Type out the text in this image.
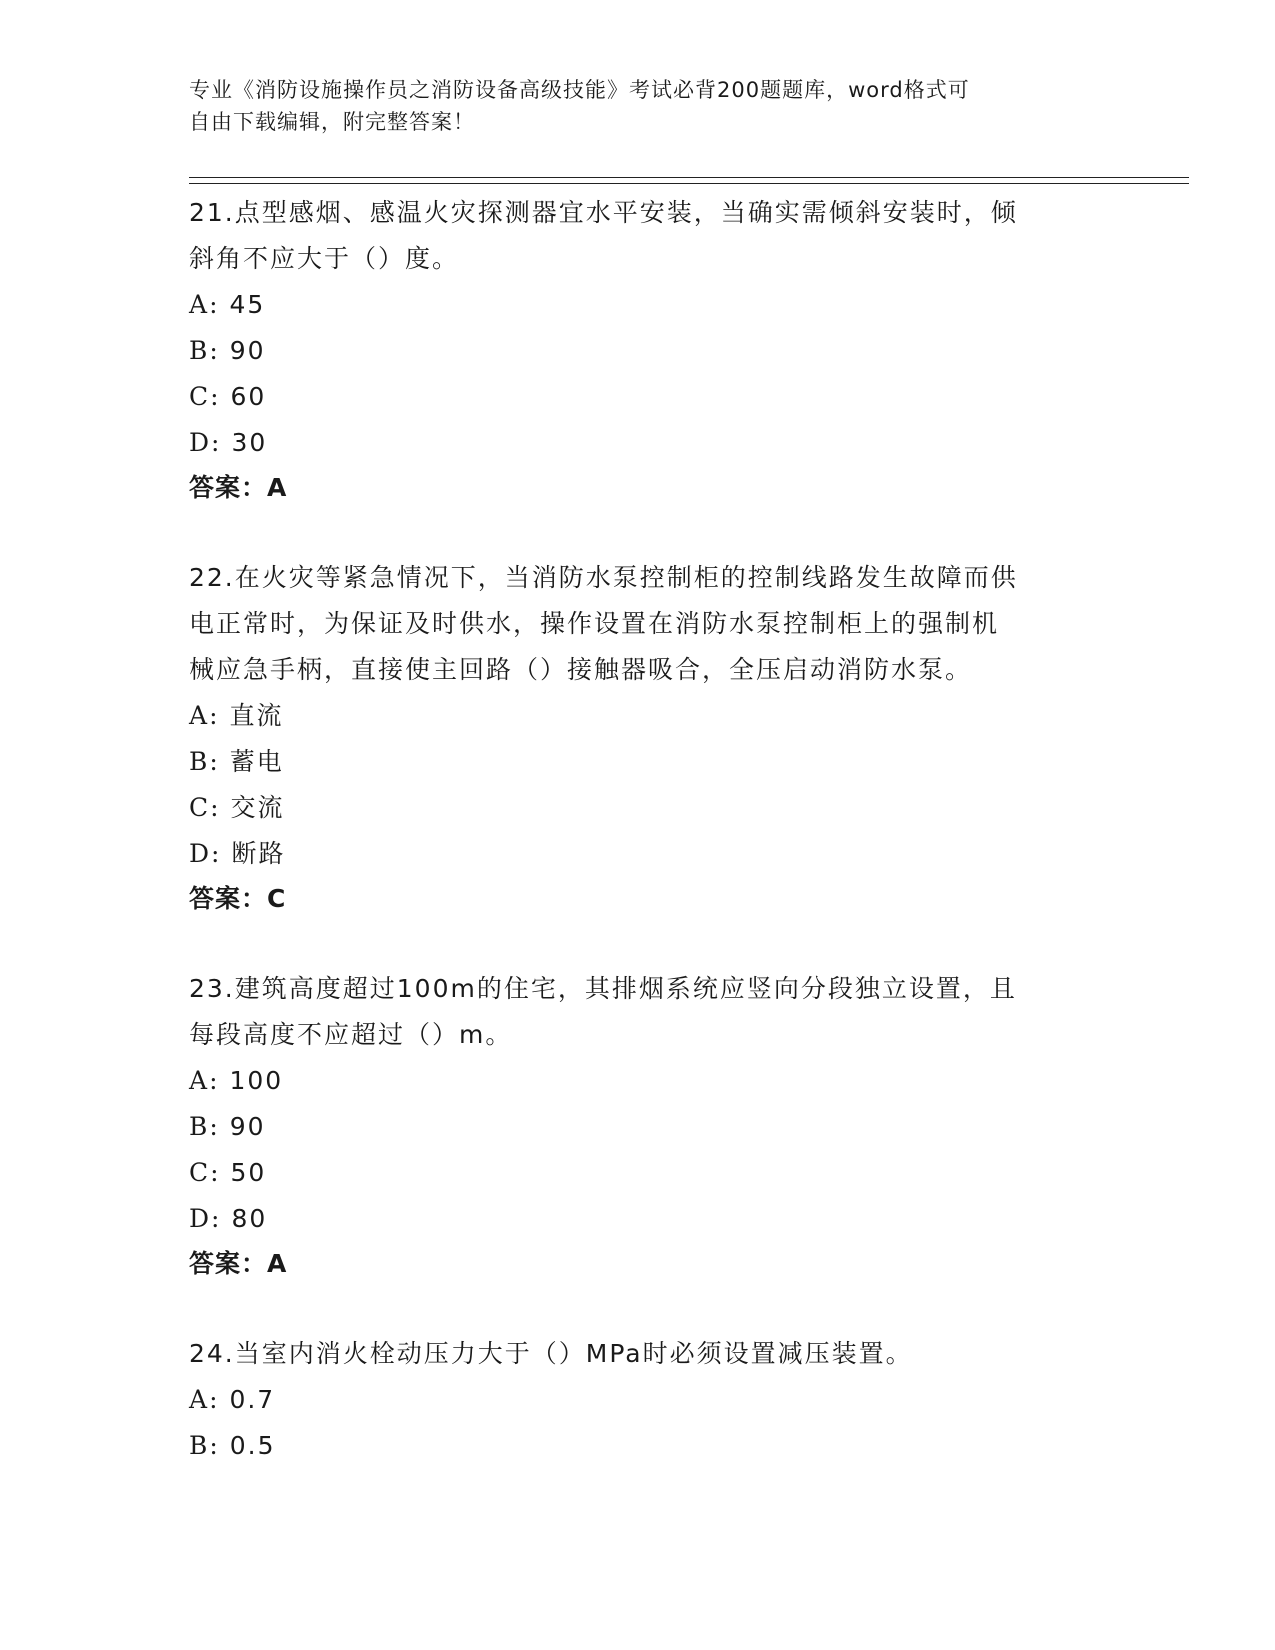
专业《消防设施操作员之消防设备高级技能》考试必背200题题库，word格式可
自由下载编辑，附完整答案！
21.点型感烟、感温火灾探测器宜水平安装，当确实需倾斜安装时，倾
斜角不应大于（）度。
A: 45
B: 90
C: 60
D: 30
答案：A
22.在火灾等紧急情况下，当消防水泵控制柜的控制线路发生故障而供
电正常时，为保证及时供水，操作设置在消防水泵控制柜上的强制机
械应急手柄，直接使主回路（）接触器吸合，全压启动消防水泵。
A: 直流
B: 蓄电
C: 交流
D: 断路
答案：C
23.建筑高度超过100m的住宅，其排烟系统应竖向分段独立设置，且
每段高度不应超过（）m。
A: 100
B: 90
C: 50
D: 80
答案：A
24.当室内消火栓动压力大于（）MPa时必须设置减压装置。
A: 0.7
B: 0.5
